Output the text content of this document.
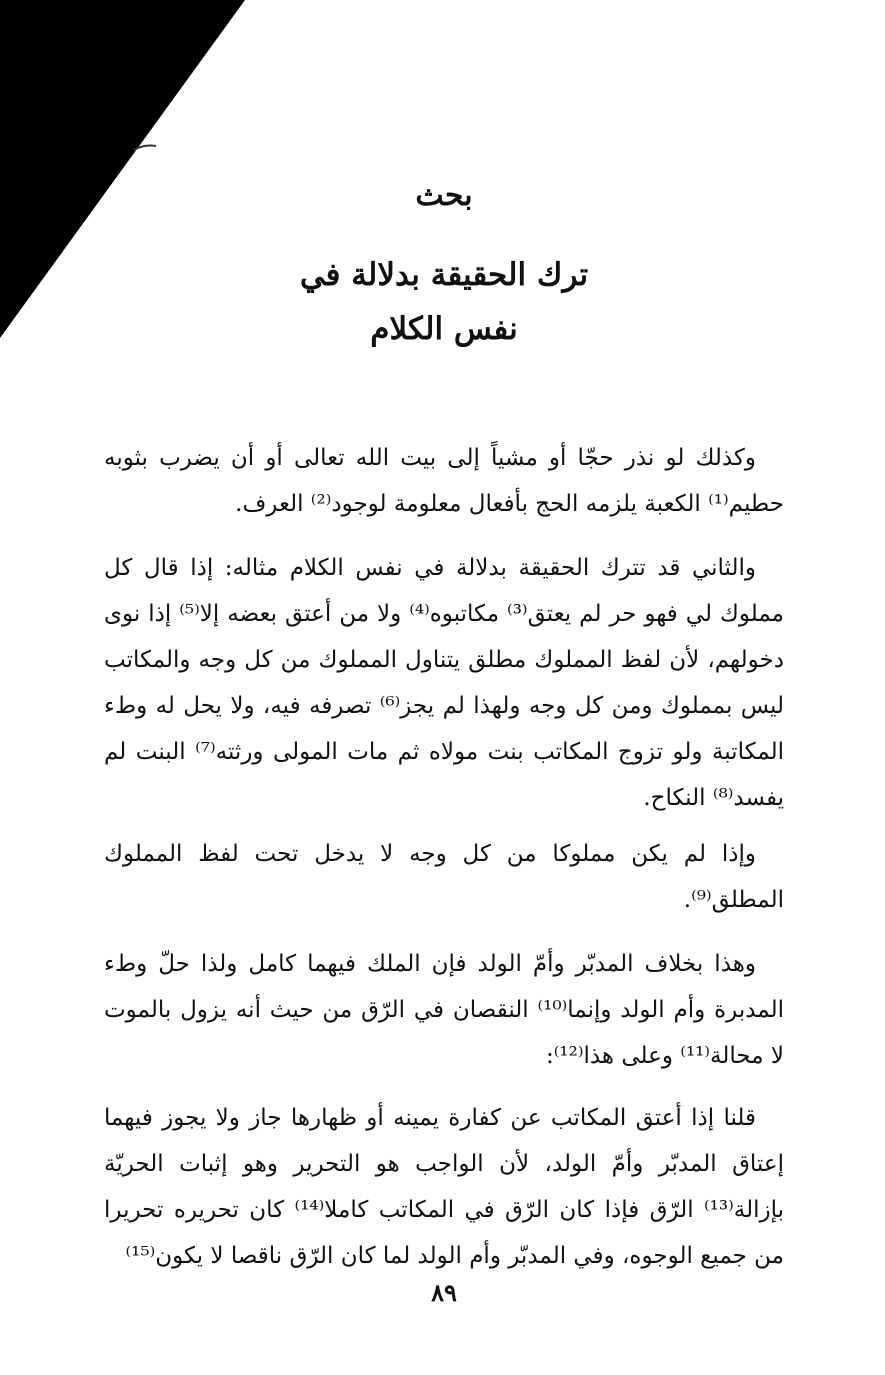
بحث
ترك الحقيقة بدلالة في
نفس الكلام

وكذلك لو نذر حجّا أو مشياً إلى بيت الله تعالى أو أن يضرب بثوبه حطيم⁽¹⁾ الكعبة يلزمه الحج بأفعال معلومة لوجود⁽²⁾ العرف.

والثاني قد تترك الحقيقة بدلالة في نفس الكلام مثاله: إذا قال كل مملوك لي فهو حر لم يعتق⁽³⁾ مكاتبوه⁽⁴⁾ ولا من أعتق بعضه إلا⁽⁵⁾ إذا نوى دخولهم، لأن لفظ المملوك مطلق يتناول المملوك من كل وجه والمكاتب ليس بمملوك ومن كل وجه ولهذا لم يجز⁽⁶⁾ تصرفه فيه، ولا يحل له وطء المكاتبة ولو تزوج المكاتب بنت مولاه ثم مات المولى ورثته⁽⁷⁾ البنت لم يفسد⁽⁸⁾ النكاح.

وإذا لم يكن مملوكا من كل وجه لا يدخل تحت لفظ المملوك المطلق⁽⁹⁾.

وهذا بخلاف المدبّر وأمّ الولد فإن الملك فيهما كامل ولذا حلّ وطء المدبرة وأم الولد وإنما⁽¹⁰⁾ النقصان في الرّق من حيث أنه يزول بالموت لا محالة⁽¹¹⁾ وعلى هذا⁽¹²⁾:

قلنا إذا أعتق المكاتب عن كفارة يمينه أو ظهارها جاز ولا يجوز فيهما إعتاق المدبّر وأمّ الولد، لأن الواجب هو التحرير وهو إثبات الحريّة بإزالة⁽¹³⁾ الرّق فإذا كان الرّق في المكاتب كاملا⁽¹⁴⁾ كان تحريره تحريرا من جميع الوجوه، وفي المدبّر وأم الولد لما كان الرّق ناقصا لا يكون⁽¹⁵⁾

٨٩
